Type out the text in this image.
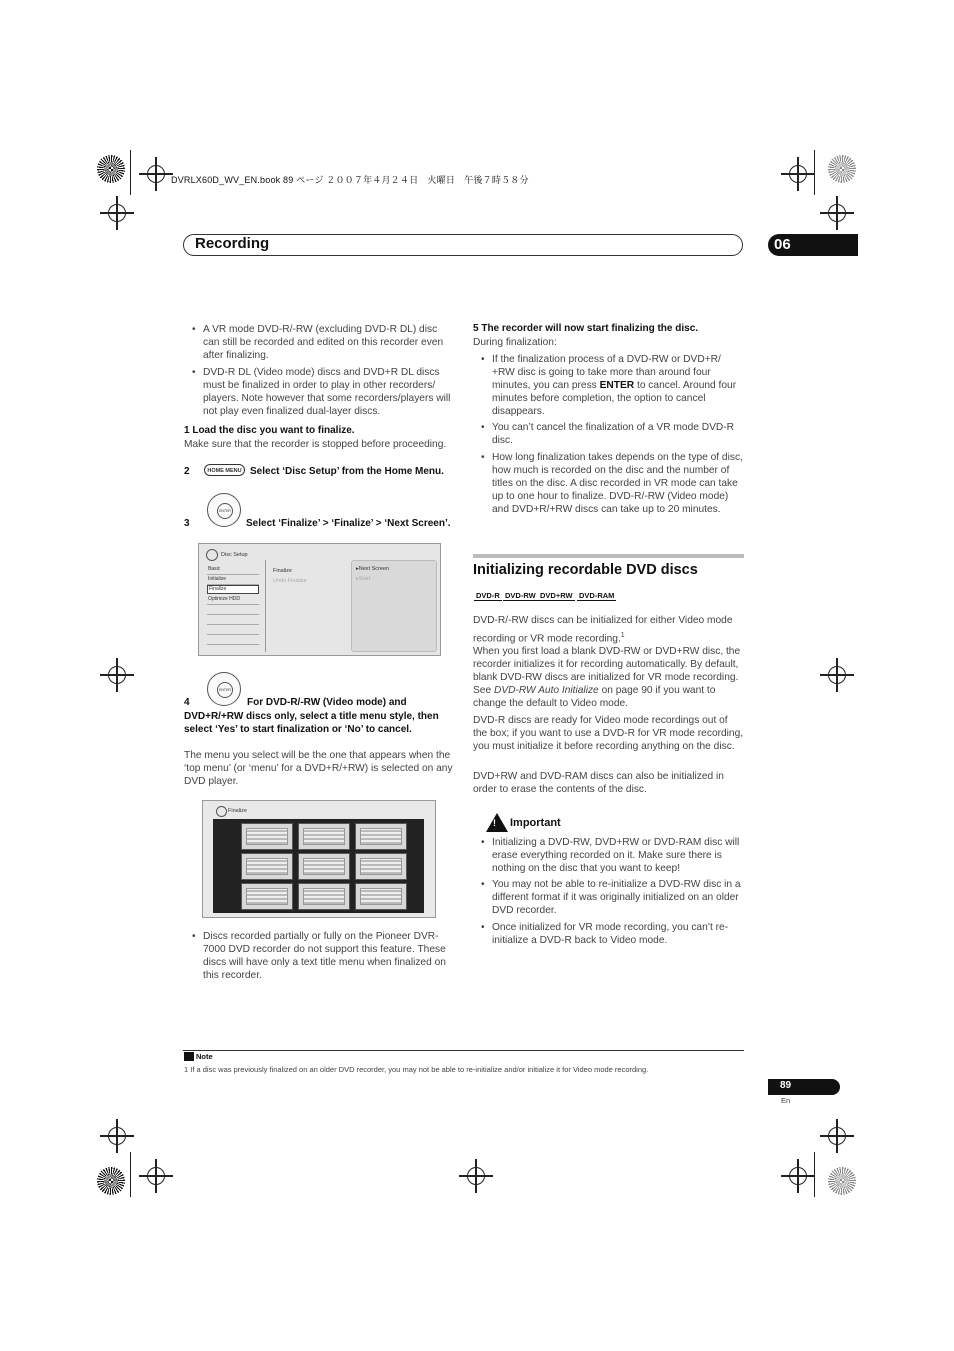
DVRLX60D_WV_EN.book 89 ページ ２００７年４月２４日　火曜日　午後７時５８分
Recording	06
• A VR mode DVD-R/-RW (excluding DVD-R DL) disc can still be recorded and edited on this recorder even after finalizing.
• DVD-R DL (Video mode) discs and DVD+R DL discs must be finalized in order to play in other recorders/ players. Note however that some recorders/players will not play even finalized dual-layer discs.
1 Load the disc you want to finalize.
Make sure that the recorder is stopped before proceeding.
2	HOME MENU Select ‘Disc Setup’ from the Home Menu.
ENTER
3	Select ‘Finalize’ > ‘Finalize’ > ‘Next Screen’.
Disc Setup
Basic
Initialize
Finalize
Optimize HDD
Finalize
Undo Finalize
▸Next Screen
▸Start
ENTER
4	For DVD-R/-RW (Video mode) and
DVD+R/+RW discs only, select a title menu style, then select ‘Yes’ to start finalization or ‘No’ to cancel.
The menu you select will be the one that appears when the ‘top menu’ (or ‘menu’ for a DVD+R/+RW) is selected on any DVD player.
Finalize
• Discs recorded partially or fully on the Pioneer DVR-7000 DVD recorder do not support this feature. These discs will have only a text title menu when finalized on this recorder.
5 The recorder will now start finalizing the disc.
During finalization:
• If the finalization process of a DVD-RW or DVD+R/ +RW disc is going to take more than around four minutes, you can press ENTER to cancel. Around four minutes before completion, the option to cancel disappears.
• You can’t cancel the finalization of a VR mode DVD-R disc.
• How long finalization takes depends on the type of disc, how much is recorded on the disc and the number of titles on the disc. A disc recorded in VR mode can take up to one hour to finalize. DVD-R/-RW (Video mode) and DVD+R/+RW discs can take up to 20 minutes.
Initializing recordable DVD discs
DVD-R DVD-RW DVD+RW DVD-RAM
DVD-R/-RW discs can be initialized for either Video mode recording or VR mode recording.$^1$
When you first load a blank DVD-RW or DVD+RW disc, the recorder initializes it for recording automatically. By default, blank DVD-RW discs are initialized for VR mode recording. See DVD-RW Auto Initialize on page 90 if you want to change the default to Video mode.
DVD-R discs are ready for Video mode recordings out of the box; if you want to use a DVD-R for VR mode recording, you must initialize it before recording anything on the disc.
DVD+RW and DVD-RAM discs can also be initialized in order to erase the contents of the disc.
! Important
• Initializing a DVD-RW, DVD+RW or DVD-RAM disc will erase everything recorded on it. Make sure there is nothing on the disc that you want to keep!
• You may not be able to re-initialize a DVD-RW disc in a different format if it was originally initialized on an older DVD recorder.
• Once initialized for VR mode recording, you can’t re-initialize a DVD-R back to Video mode.
Note
1 If a disc was previously finalized on an older DVD recorder, you may not be able to re-initialize and/or initialize it for Video mode recording.
89
En
